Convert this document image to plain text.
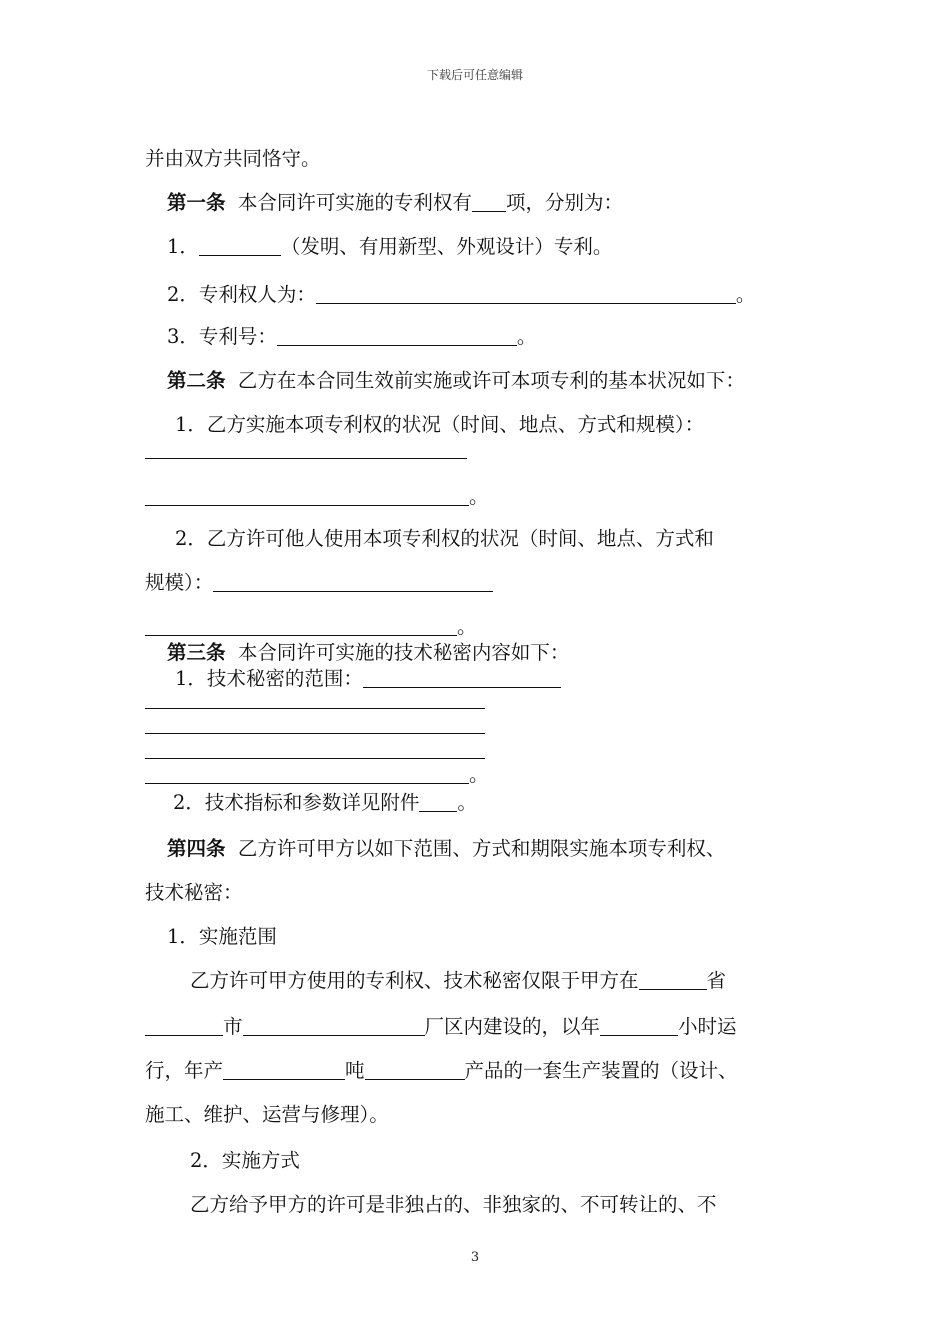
下载后可任意编辑
并由双方共同恪守。
第一条 本合同许可实施的专利权有 项，分别为：
1．	（发明、有用新型、外观设计）专利。
2．专利权人为：	。
3．专利号：	。
第二条 乙方在本合同生效前实施或许可本项专利的基本状况如下：
1．乙方实施本项专利权的状况（时间、地点、方式和规模）：
。
2．乙方许可他人使用本项专利权的状况（时间、地点、方式和
规模）：
。
第三条 本合同许可实施的技术秘密内容如下：
1．技术秘密的范围：
。
2．技术指标和参数详见附件 。
第四条 乙方许可甲方以如下范围、方式和期限实施本项专利权、
技术秘密：
1．实施范围
乙方许可甲方使用的专利权、技术秘密仅限于甲方在	省
市	厂区内建设的，以年	小时运
行，年产	吨	产品的一套生产装置的（设计、
施工、维护、运营与修理）。
2．实施方式
乙方给予甲方的许可是非独占的、非独家的、不可转让的、不
3
